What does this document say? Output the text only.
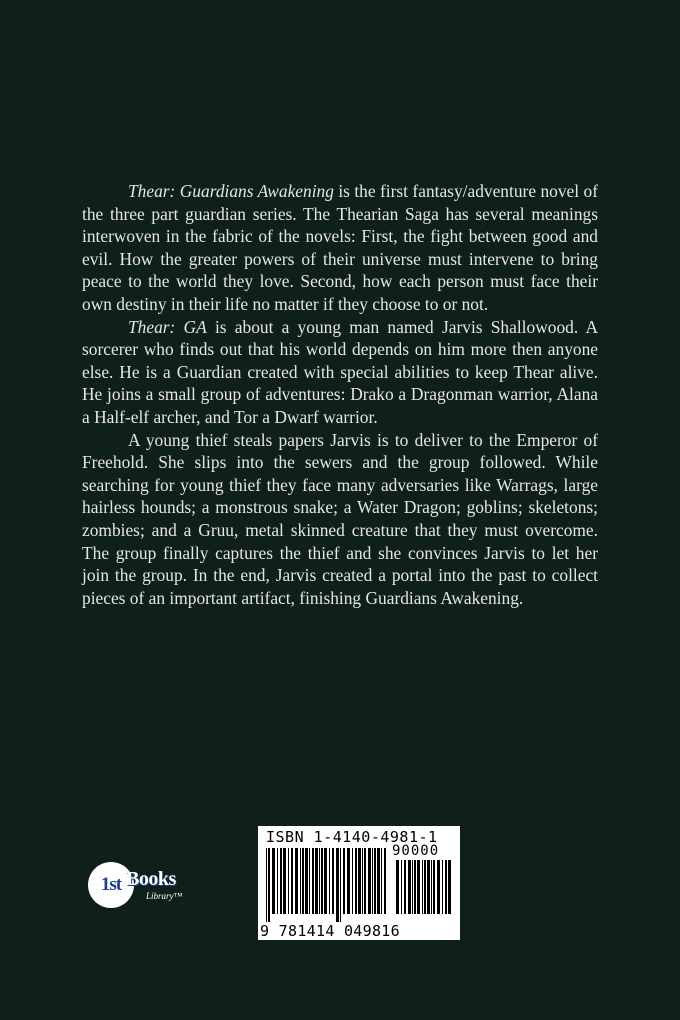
Thear: Guardians Awakening is the first fantasy/adventure novel of the three part guardian series. The Thearian Saga has several meanings interwoven in the fabric of the novels: First, the fight between good and evil. How the greater powers of their universe must intervene to bring peace to the world they love. Second, how each person must face their own destiny in their life no matter if they choose to or not.

Thear: GA is about a young man named Jarvis Shallowood. A sorcerer who finds out that his world depends on him more then anyone else. He is a Guardian created with special abilities to keep Thear alive. He joins a small group of adventures: Drako a Dragonman warrior, Alana a Half-elf archer, and Tor a Dwarf warrior.

A young thief steals papers Jarvis is to deliver to the Emperor of Freehold. She slips into the sewers and the group followed. While searching for young thief they face many adversaries like Warrags, large hairless hounds; a monstrous snake; a Water Dragon; goblins; skeletons; zombies; and a Gruu, metal skinned creature that they must overcome. The group finally captures the thief and she convinces Jarvis to let her join the group. In the end, Jarvis created a portal into the past to collect pieces of an important artifact, finishing Guardians Awakening.

1st Books
Library™
ISBN 1-4140-4981-1
90000
9 781414 049816
